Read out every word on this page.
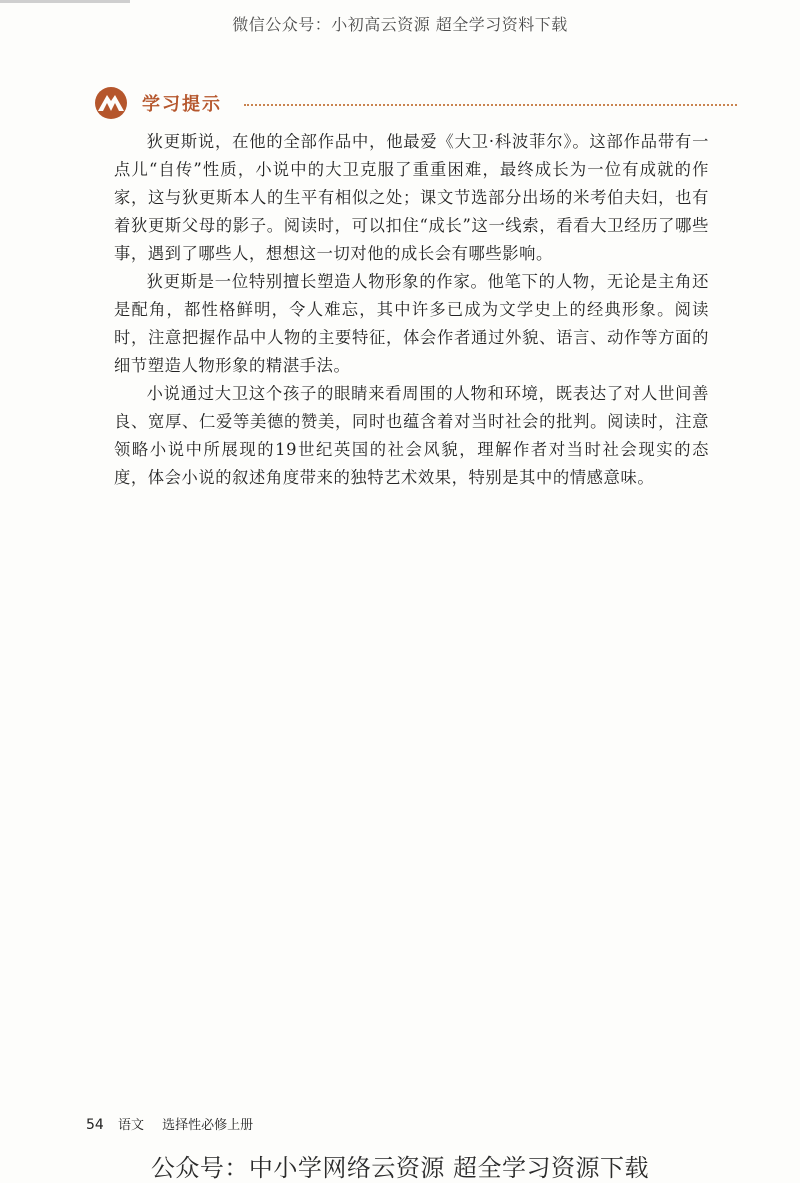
微信公众号：小初高云资源 超全学习资料下载
学习提示

狄更斯说，在他的全部作品中，他最爱《大卫·科波菲尔》。这部作品带有一点儿“自传”性质，小说中的大卫克服了重重困难，最终成长为一位有成就的作家，这与狄更斯本人的生平有相似之处；课文节选部分出场的米考伯夫妇，也有着狄更斯父母的影子。阅读时，可以扣住“成长”这一线索，看看大卫经历了哪些事，遇到了哪些人，想想这一切对他的成长会有哪些影响。

狄更斯是一位特别擅长塑造人物形象的作家。他笔下的人物，无论是主角还是配角，都性格鲜明，令人难忘，其中许多已成为文学史上的经典形象。阅读时，注意把握作品中人物的主要特征，体会作者通过外貌、语言、动作等方面的细节塑造人物形象的精湛手法。

小说通过大卫这个孩子的眼睛来看周围的人物和环境，既表达了对人世间善良、宽厚、仁爱等美德的赞美，同时也蕴含着对当时社会的批判。阅读时，注意领略小说中所展现的19世纪英国的社会风貌，理解作者对当时社会现实的态度，体会小说的叙述角度带来的独特艺术效果，特别是其中的情感意味。

54 语文 选择性必修上册
公众号：中小学网络云资源 超全学习资源下载
